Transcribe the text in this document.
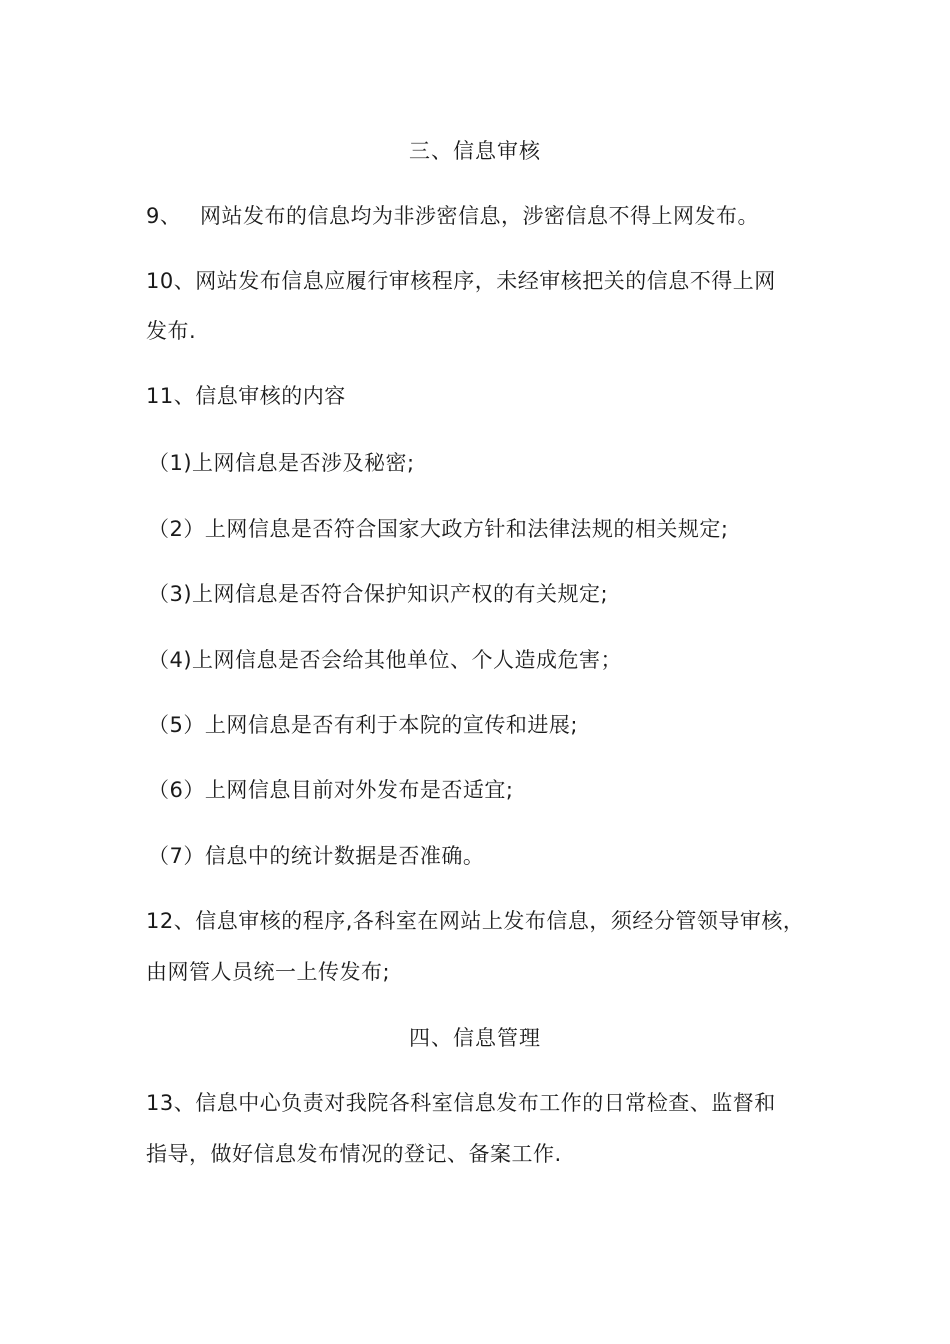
三、信息审核
9、 网站发布的信息均为非涉密信息，涉密信息不得上网发布。
10、网站发布信息应履行审核程序，未经审核把关的信息不得上网
发布.
11、信息审核的内容
（1)上网信息是否涉及秘密;
（2）上网信息是否符合国家大政方针和法律法规的相关规定;
（3)上网信息是否符合保护知识产权的有关规定;
（4)上网信息是否会给其他单位、个人造成危害；
（5）上网信息是否有利于本院的宣传和进展;
（6）上网信息目前对外发布是否适宜;
（7）信息中的统计数据是否准确。
12、信息审核的程序,各科室在网站上发布信息，须经分管领导审核，
由网管人员统一上传发布;
四、信息管理
13、信息中心负责对我院各科室信息发布工作的日常检查、监督和
指导，做好信息发布情况的登记、备案工作.
